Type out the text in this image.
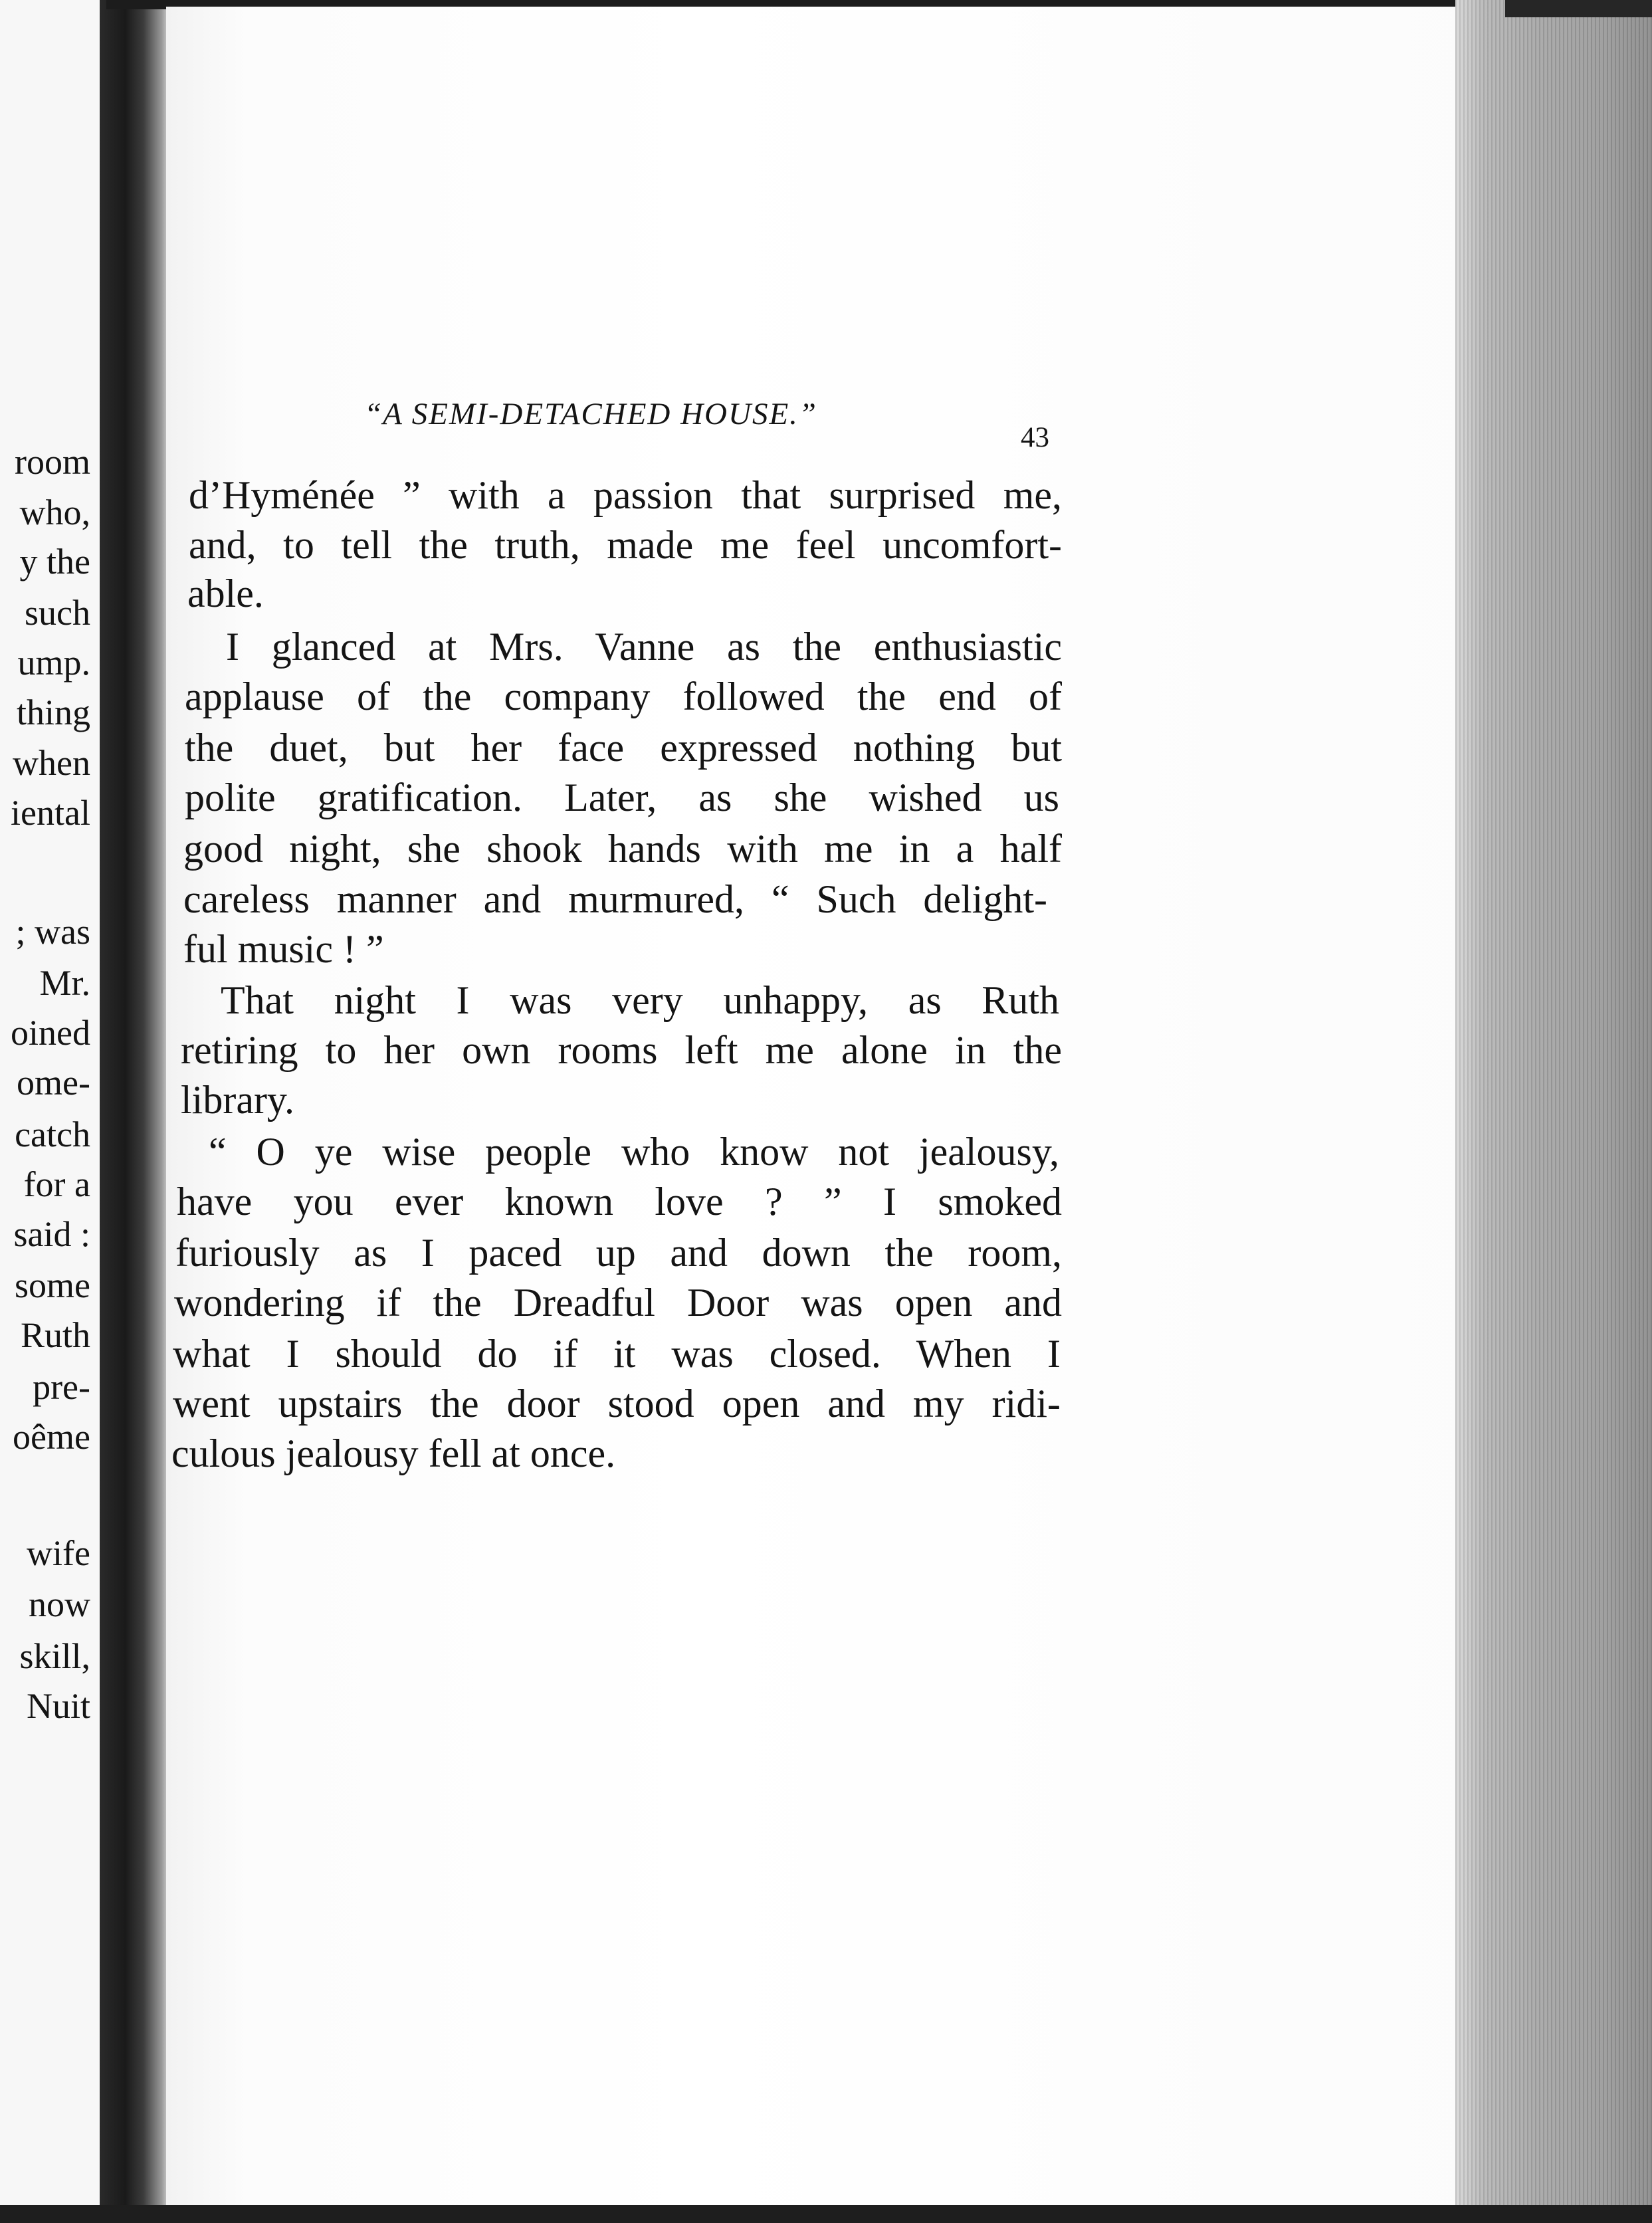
room
who,
y the
such
ump.
thing
when
iental
; was
Mr.
oined
ome-
catch
for a
said :
some
Ruth
pre-
oême
wife
now
skill,
Nuit
“A SEMI-DETACHED HOUSE.”
43
d’Hyménée ” with a passion that surprised me,
and, to tell the truth, made me feel uncomfort-
able.
I glanced at Mrs. Vanne as the enthusiastic
applause of the company followed the end of
the duet, but her face expressed nothing but
polite gratification. Later, as she wished us
good night, she shook hands with me in a half
careless manner and murmured, “ Such delight-
ful music ! ”
That night I was very unhappy, as Ruth
retiring to her own rooms left me alone in the
library.
“ O ye wise people who know not jealousy,
have you ever known love ? ” I smoked
furiously as I paced up and down the room,
wondering if the Dreadful Door was open and
what I should do if it was closed. When I
went upstairs the door stood open and my ridi-
culous jealousy fell at once.
